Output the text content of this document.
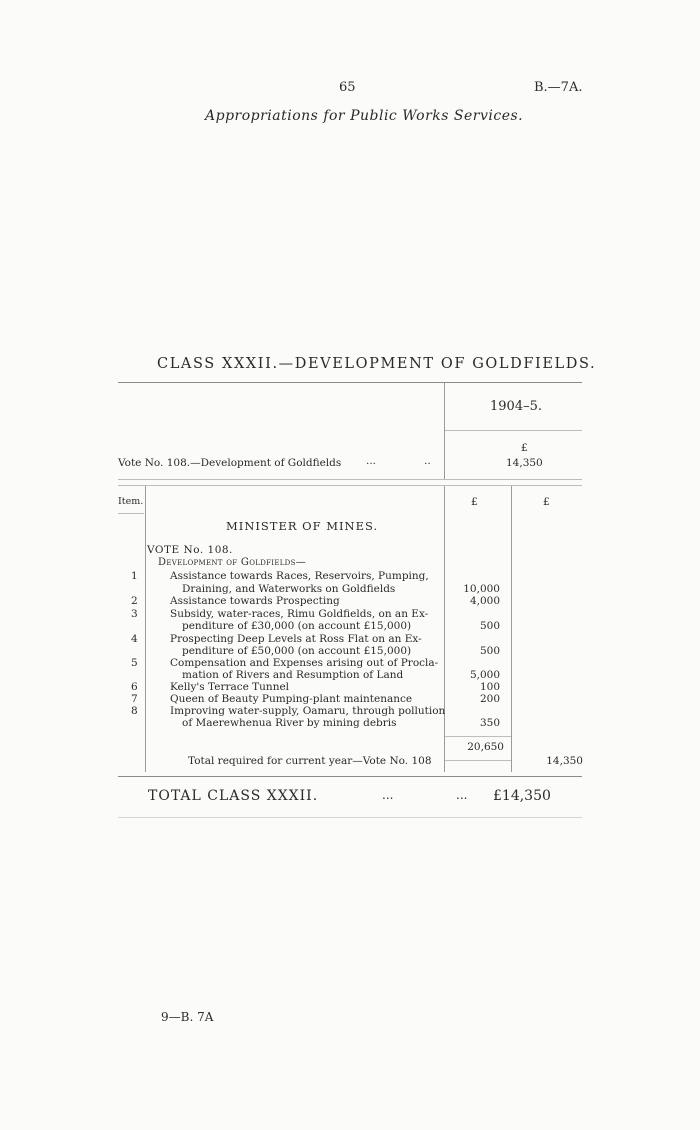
65	B.—7A.
Appropriations for Public Works Services.
CLASS XXXII.—DEVELOPMENT OF GOLDFIELDS.
1904–5.
£
Vote No. 108.—Development of Goldfields ...	..	14,350
Item.	£	£
MINISTER OF MINES.
VOTE No. 108.
Development of Goldfields—
1	Assistance towards Races, Reservoirs, Pumping,
Draining, and Waterworks on Goldfields	10,000
2	Assistance towards Prospecting	4,000
3	Subsidy, water-races, Rimu Goldfields, on an Ex-
penditure of £30,000 (on account £15,000)	500
4	Prospecting Deep Levels at Ross Flat on an Ex-
penditure of £50,000 (on account £15,000)	500
5	Compensation and Expenses arising out of Procla-
mation of Rivers and Resumption of Land	5,000
6	Kelly's Terrace Tunnel	100
7	Queen of Beauty Pumping-plant maintenance	200
8	Improving water-supply, Oamaru, through pollution
of Maerewhenua River by mining debris	350
20,650
Total required for current year—Vote No. 108	14,350
TOTAL CLASS XXXII.	...	... £14,350
9—B. 7A
